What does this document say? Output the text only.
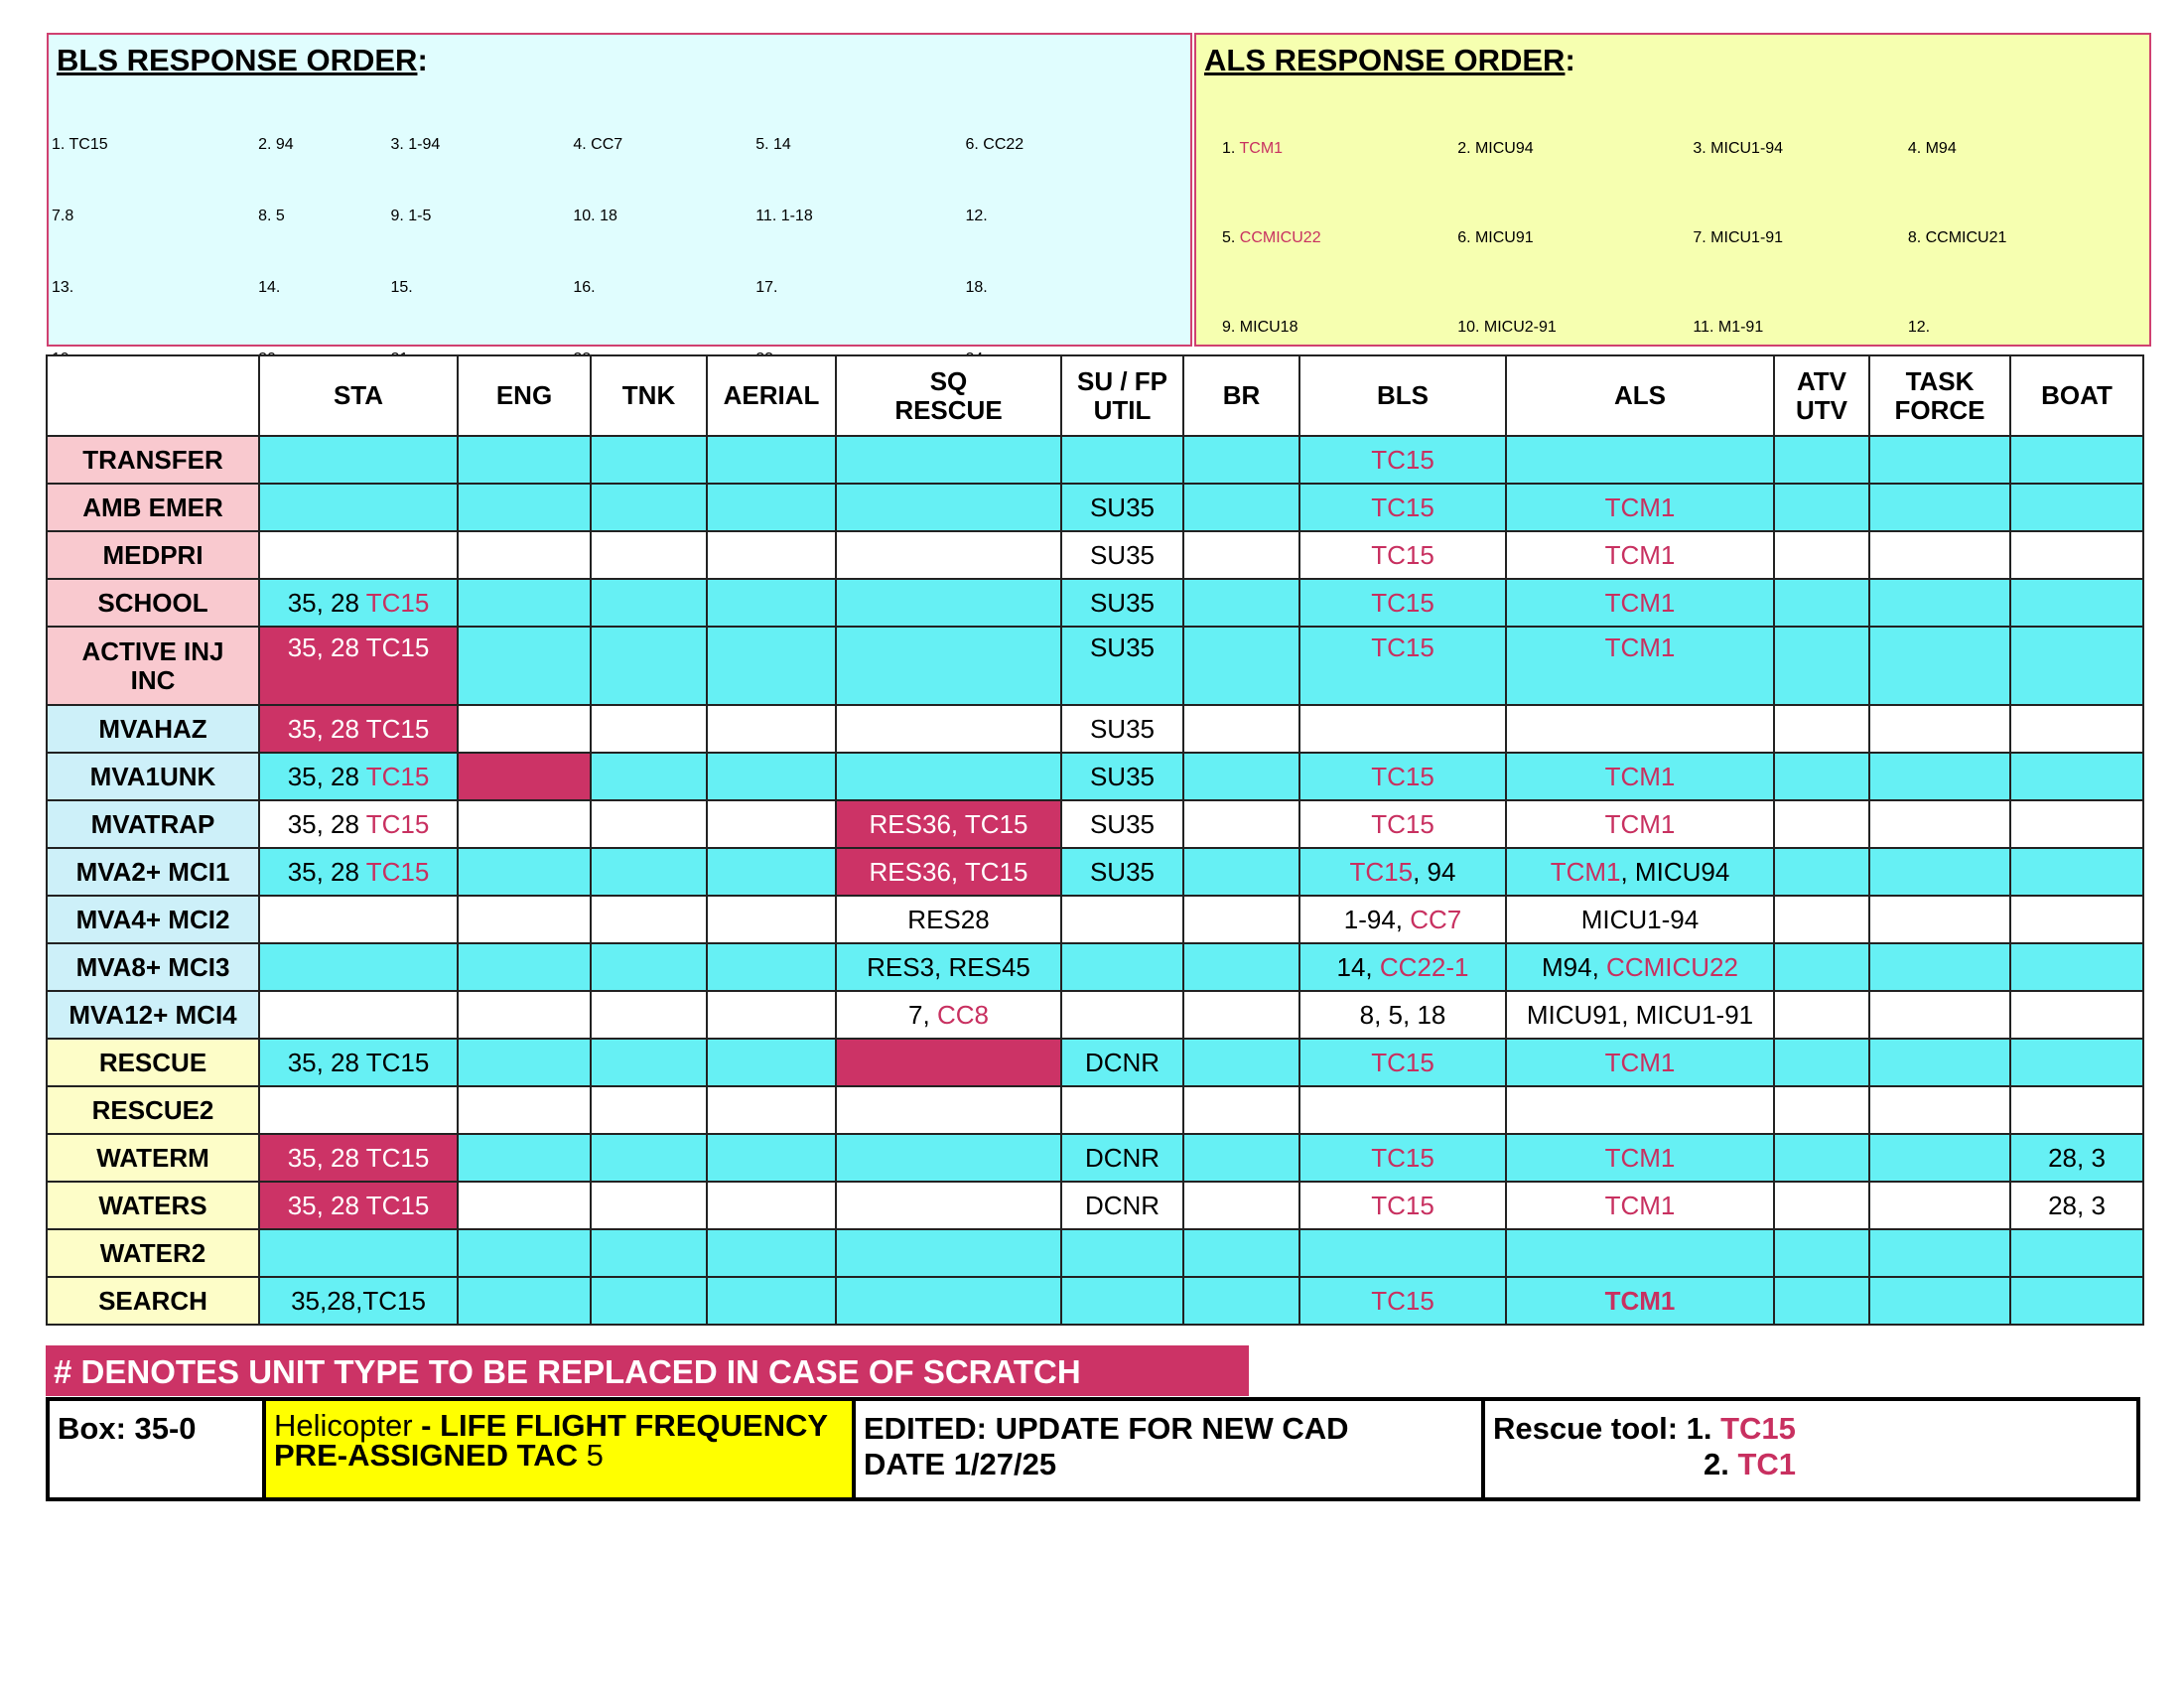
BLS RESPONSE ORDER:
1. TC15	2. 94	3. 1-94	4. CC7	5. 14	6. CC22
7.8	8. 5	9. 1-5	10. 18	11. 1-18	12.
13.	14.	15.	16.	17.	18.

ALS RESPONSE ORDER:
1. TCM1	2. MICU94	3. MICU1-94	4. M94
5. CCMICU22	6. MICU91	7. MICU1-91	8. CCMICU21
9. MICU18	10. MICU2-91	11. M1-91	12.
	STA	ENG	TNK	AERIAL	SQ
RESCUE	SU / FP
UTIL	BR	BLS	ALS	ATV
UTV	TASK
FORCE	BOAT
TRANSFER								TC15				
AMB EMER						SU35		TC15	TCM1			
MEDPRI						SU35		TC15	TCM1			
SCHOOL	35, 28 TC15					SU35		TC15	TCM1			
ACTIVE INJ
INC	35, 28 TC15					SU35		TC15	TCM1			
MVAHAZ	35, 28 TC15					SU35						
MVA1UNK	35, 28 TC15					SU35		TC15	TCM1			
MVATRAP	35, 28 TC15				RES36, TC15	SU35		TC15	TCM1			
MVA2+ MCI1	35, 28 TC15				RES36, TC15	SU35		TC15, 94	TCM1, MICU94			
MVA4+ MCI2					RES28			1-94, CC7	MICU1-94			
MVA8+ MCI3					RES3, RES45			14, CC22-1	M94, CCMICU22			
MVA12+ MCI4					7, CC8			8, 5, 18	MICU91, MICU1-91			
RESCUE	35, 28 TC15					DCNR		TC15	TCM1			
RESCUE2												
WATERM	35, 28 TC15					DCNR		TC15	TCM1			28, 3
WATERS	35, 28 TC15					DCNR		TC15	TCM1			28, 3
WATER2												
SEARCH	35,28,TC15							TC15	TCM1			
# DENOTES UNIT TYPE TO BE REPLACED IN CASE OF SCRATCH
Box: 35-0	Helicopter - LIFE FLIGHT FREQUENCY
PRE-ASSIGNED TAC 5
EDITED: UPDATE FOR NEW CAD
DATE 1/27/25
Rescue tool: 1. TC15
2. TC1
